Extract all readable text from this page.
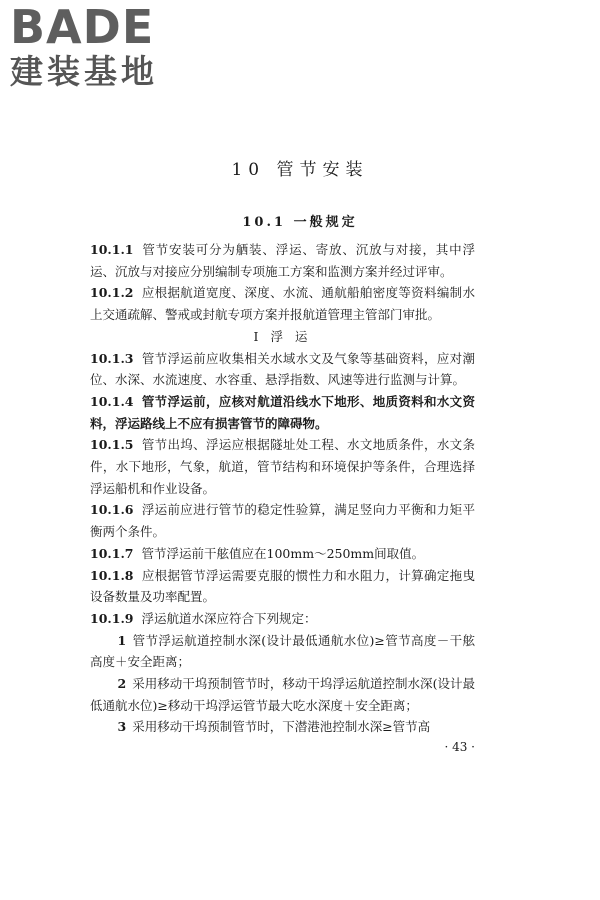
BADE
建装基地
10 管节安装
10.1 一般规定

10.1.1 管节安装可分为舾装、浮运、寄放、沉放与对接，其中浮运、沉放与对接应分别编制专项施工方案和监测方案并经过评审。

10.1.2 应根据航道宽度、深度、水流、通航船舶密度等资料编制水上交通疏解、警戒或封航专项方案并报航道管理主管部门审批。

Ⅰ 浮 运

10.1.3 管节浮运前应收集相关水域水文及气象等基础资料，应对潮位、水深、水流速度、水容重、悬浮指数、风速等进行监测与计算。

10.1.4 管节浮运前，应核对航道沿线水下地形、地质资料和水文资料，浮运路线上不应有损害管节的障碍物。

10.1.5 管节出坞、浮运应根据隧址处工程、水文地质条件，水文条件，水下地形，气象，航道，管节结构和环境保护等条件，合理选择浮运船机和作业设备。

10.1.6 浮运前应进行管节的稳定性验算，满足竖向力平衡和力矩平衡两个条件。

10.1.7 管节浮运前干舷值应在100mm～250mm间取值。

10.1.8 应根据管节浮运需要克服的惯性力和水阻力，计算确定拖曳设备数量及功率配置。

10.1.9 浮运航道水深应符合下列规定：

1 管节浮运航道控制水深(设计最低通航水位)≥管节高度－干舷高度＋安全距离；

2 采用移动干坞预制管节时，移动干坞浮运航道控制水深(设计最低通航水位)≥移动干坞浮运管节最大吃水深度＋安全距离；

3 采用移动干坞预制管节时，下潜港池控制水深≥管节高

· 43 ·
